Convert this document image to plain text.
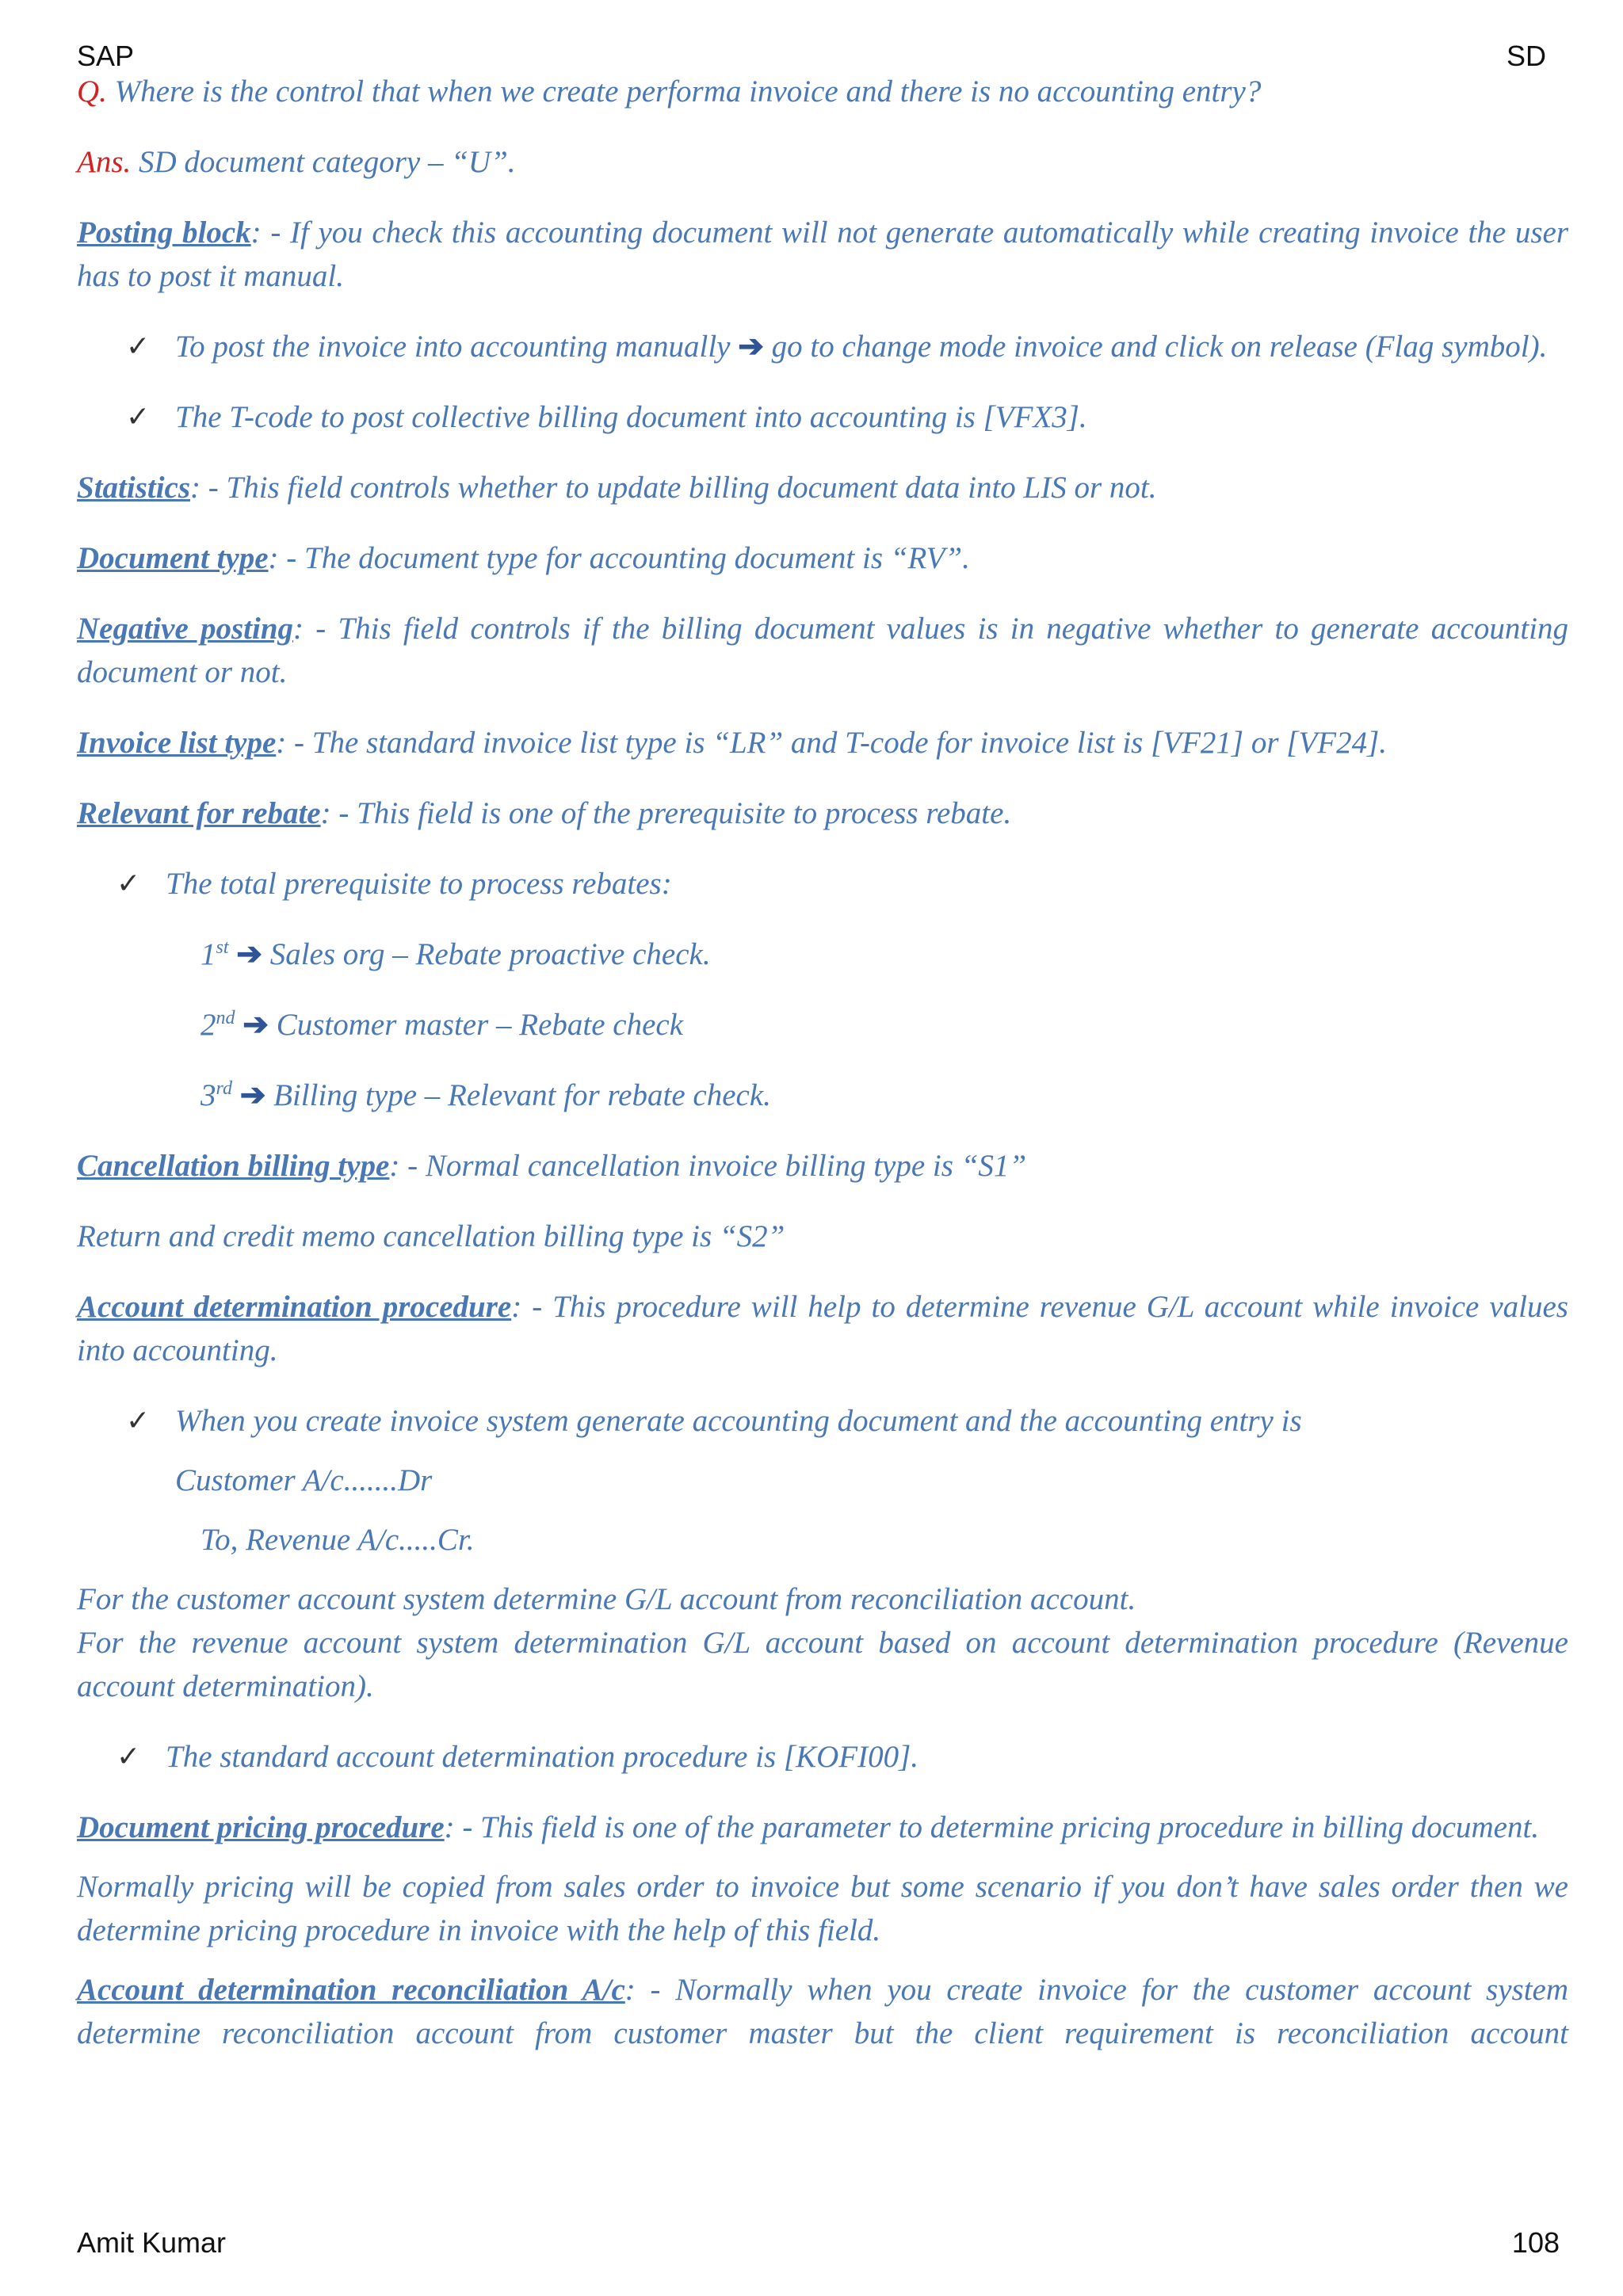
SAP	SD

Q. Where is the control that when we create performa invoice and there is no accounting entry?

Ans. SD document category – “U”.

Posting block: - If you check this accounting document will not generate automatically while creating invoice the user has to post it manual.

✓ To post the invoice into accounting manually ➔ go to change mode invoice and click on release (Flag symbol).
✓ The T-code to post collective billing document into accounting is [VFX3].

Statistics: - This field controls whether to update billing document data into LIS or not.

Document type: - The document type for accounting document is “RV”.

Negative posting: - This field controls if the billing document values is in negative whether to generate accounting document or not.

Invoice list type: - The standard invoice list type is “LR” and T-code for invoice list is [VF21] or [VF24].

Relevant for rebate: - This field is one of the prerequisite to process rebate.

✓ The total prerequisite to process rebates:
1st ➔ Sales org – Rebate proactive check.
2nd ➔ Customer master – Rebate check
3rd ➔ Billing type – Relevant for rebate check.

Cancellation billing type: - Normal cancellation invoice billing type is “S1”

Return and credit memo cancellation billing type is “S2”

Account determination procedure: - This procedure will help to determine revenue G/L account while invoice values into accounting.

✓ When you create invoice system generate accounting document and the accounting entry is
Customer A/c.......Dr
To, Revenue A/c.....Cr.

For the customer account system determine G/L account from reconciliation account.

For the revenue account system determination G/L account based on account determination procedure (Revenue account determination).

✓ The standard account determination procedure is [KOFI00].

Document pricing procedure: - This field is one of the parameter to determine pricing procedure in billing document.

Normally pricing will be copied from sales order to invoice but some scenario if you don’t have sales order then we determine pricing procedure in invoice with the help of this field.

Account determination reconciliation A/c: - Normally when you create invoice for the customer account system determine reconciliation account from customer master but the client requirement is reconciliation account

Amit Kumar	108
